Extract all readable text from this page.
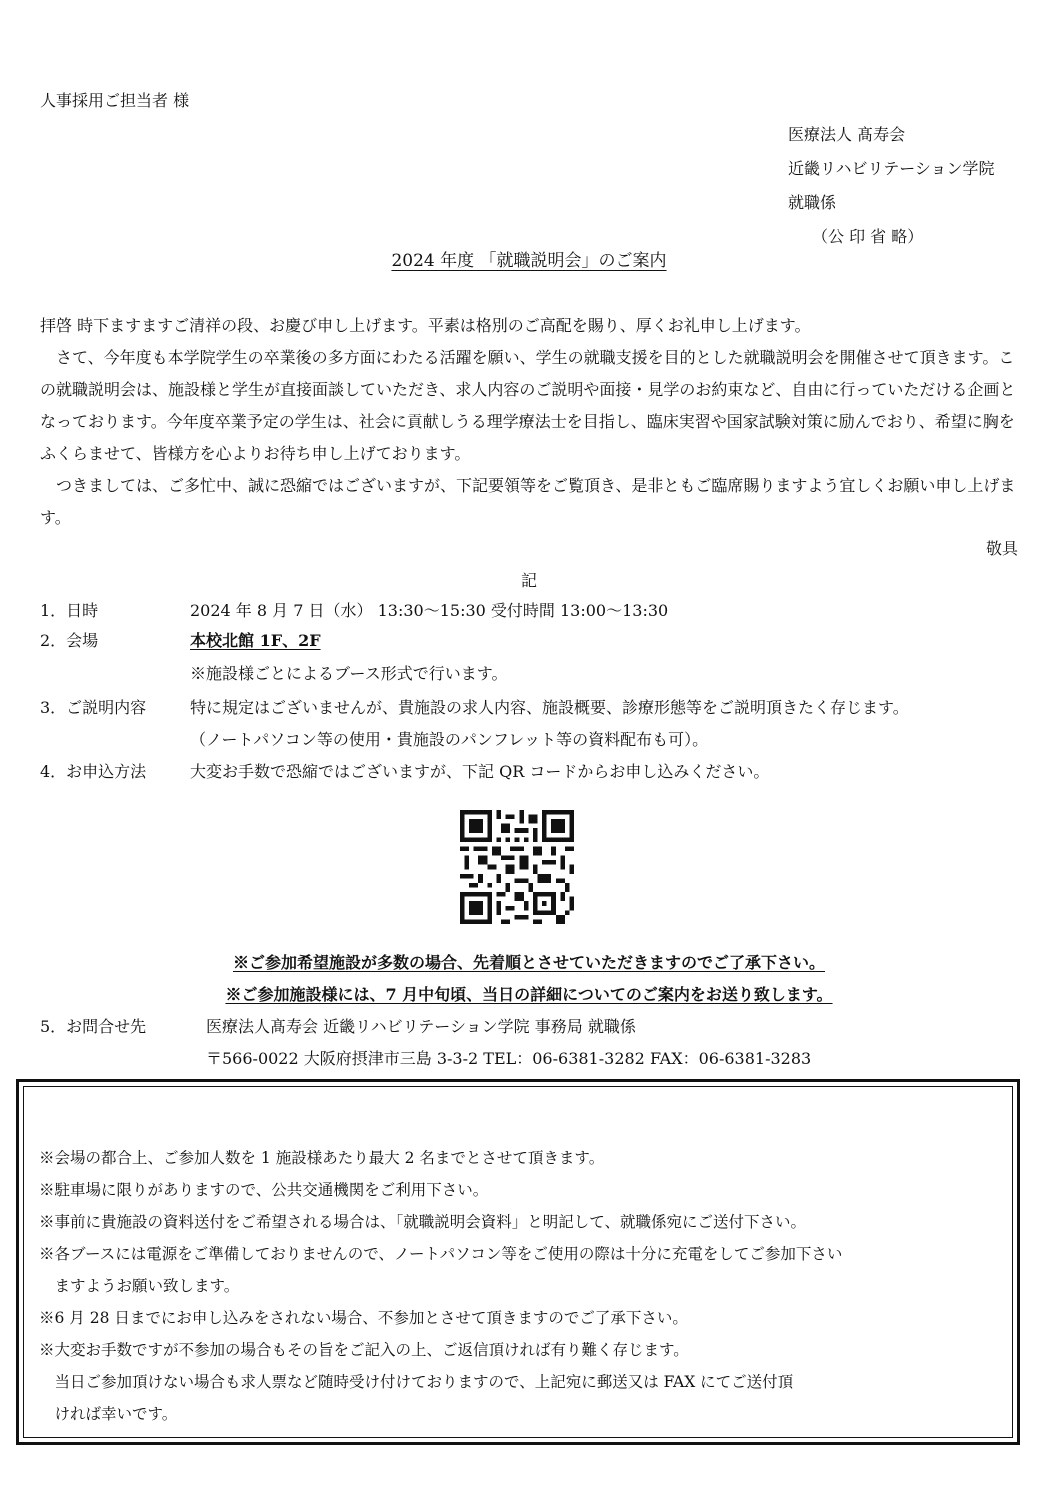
人事採用ご担当者 様
医療法人 髙寿会
近畿リハビリテーション学院
就職係
（公 印 省 略）
2024 年度 「就職説明会」のご案内

拝啓 時下ますますご清祥の段、お慶び申し上げます。平素は格別のご高配を賜り、厚くお礼申し上げます。

さて、今年度も本学院学生の卒業後の多方面にわたる活躍を願い、学生の就職支援を目的とした就職説明会を開催させて頂きます。この就職説明会は、施設様と学生が直接面談していただき、求人内容のご説明や面接・見学のお約束など、自由に行っていただける企画となっております。今年度卒業予定の学生は、社会に貢献しうる理学療法士を目指し、臨床実習や国家試験対策に励んでおり、希望に胸をふくらませて、皆様方を心よりお待ち申し上げております。

つきましては、ご多忙中、誠に恐縮ではございますが、下記要領等をご覧頂き、是非ともご臨席賜りますよう宜しくお願い申し上げます。

敬具
記
1．日時	2024 年 8 月 7 日（水） 13:30〜15:30 受付時間 13:00〜13:30
2．会場	本校北館 1F、2F
※施設様ごとによるブース形式で行います。
3．ご説明内容	特に規定はございませんが、貴施設の求人内容、施設概要、診療形態等をご説明頂きたく存じます。
（ノートパソコン等の使用・貴施設のパンフレット等の資料配布も可）。
4．お申込方法	大変お手数で恐縮ではございますが、下記 QR コードからお申し込みください。
※ご参加希望施設が多数の場合、先着順とさせていただきますのでご了承下さい。
※ご参加施設様には、7 月中旬頃、当日の詳細についてのご案内をお送り致します。
5．お問合せ先	医療法人髙寿会 近畿リハビリテーション学院 事務局 就職係
〒566-0022 大阪府摂津市三島 3-3-2 TEL：06-6381-3282 FAX：06-6381-3283
※会場の都合上、ご参加人数を 1 施設様あたり最大 2 名までとさせて頂きます。
※駐車場に限りがありますので、公共交通機関をご利用下さい。
※事前に貴施設の資料送付をご希望される場合は、「就職説明会資料」と明記して、就職係宛にご送付下さい。
※各ブースには電源をご準備しておりませんので、ノートパソコン等をご使用の際は十分に充電をしてご参加下さい
ますようお願い致します。
※6 月 28 日までにお申し込みをされない場合、不参加とさせて頂きますのでご了承下さい。
※大変お手数ですが不参加の場合もその旨をご記入の上、ご返信頂ければ有り難く存じます。
当日ご参加頂けない場合も求人票など随時受け付けておりますので、上記宛に郵送又は FAX にてご送付頂
ければ幸いです。
